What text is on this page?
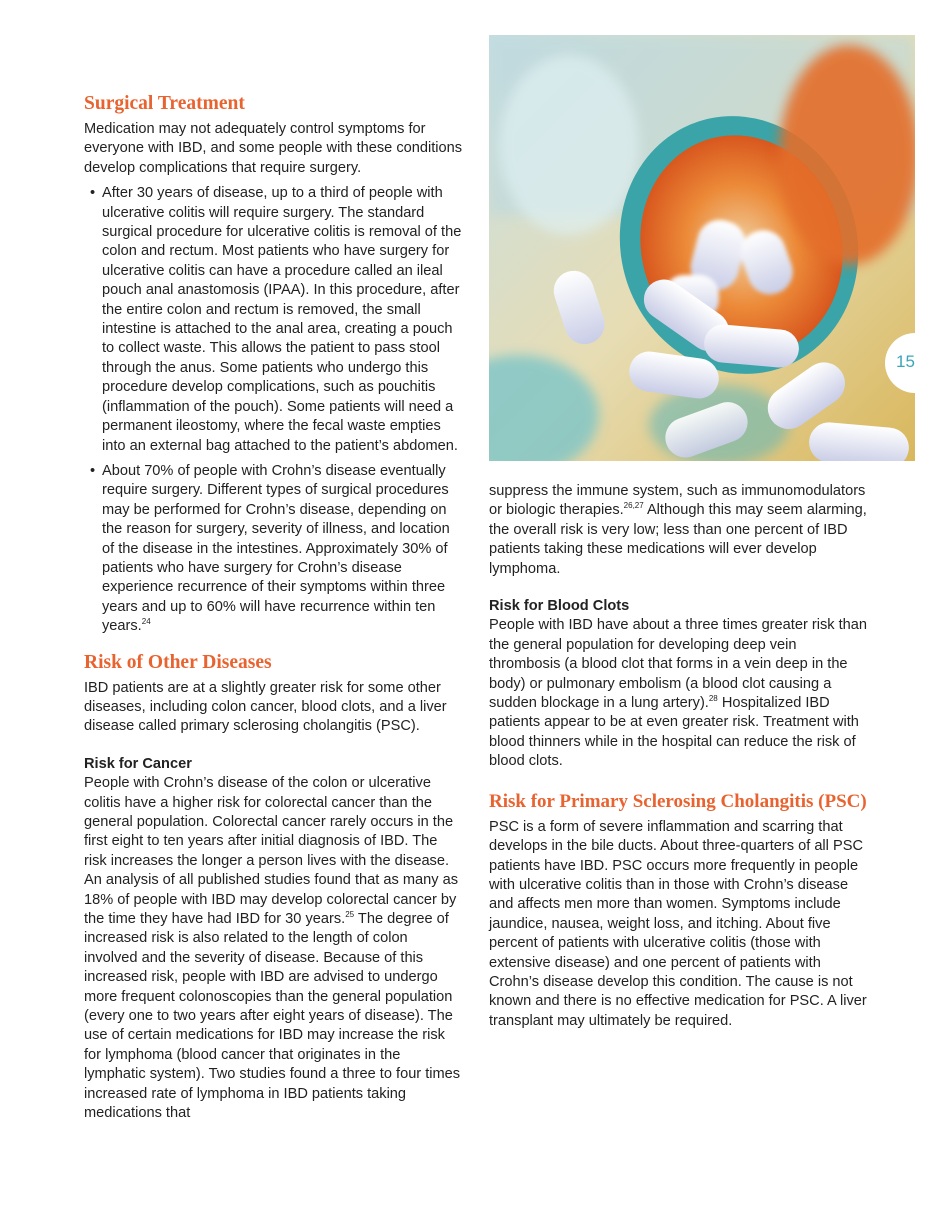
15
Surgical Treatment

Medication may not adequately control symptoms for everyone with IBD, and some people with these conditions develop complications that require surgery.

• After 30 years of disease, up to a third of people with ulcerative colitis will require surgery. The standard surgical procedure for ulcerative colitis is removal of the colon and rectum. Most patients who have surgery for ulcerative colitis can have a procedure called an ileal pouch anal anastomosis (IPAA). In this procedure, after the entire colon and rectum is removed, the small intestine is attached to the anal area, creating a pouch to collect waste. This allows the patient to pass stool through the anus. Some patients who undergo this procedure develop complications, such as pouchitis (inflammation of the pouch). Some patients will need a permanent ileostomy, where the fecal waste empties into an external bag attached to the patient’s abdomen.
• About 70% of people with Crohn’s disease eventually require surgery. Different types of surgical procedures may be performed for Crohn’s disease, depending on the reason for surgery, severity of illness, and location of the disease in the intestines. Approximately 30% of patients who have surgery for Crohn’s disease experience recurrence of their symptoms within three years and up to 60% will have recurrence within ten years.$^{24}$
Risk of Other Diseases

IBD patients are at a slightly greater risk for some other diseases, including colon cancer, blood clots, and a liver disease called primary sclerosing cholangitis (PSC).

Risk for Cancer

People with Crohn’s disease of the colon or ulcerative colitis have a higher risk for colorectal cancer than the general population. Colorectal cancer rarely occurs in the first eight to ten years after initial diagnosis of IBD. The risk increases the longer a person lives with the disease. An analysis of all published studies found that as many as 18% of people with IBD may develop colorectal cancer by the time they have had IBD for 30 years.$^{25}$ The degree of increased risk is also related to the length of colon involved and the severity of disease. Because of this increased risk, people with IBD are advised to undergo more frequent colonoscopies than the general population (every one to two years after eight years of disease). The use of certain medications for IBD may increase the risk for lymphoma (blood cancer that originates in the lymphatic system). Two studies found a three to four times increased rate of lymphoma in IBD patients taking medications that

suppress the immune system, such as immunomodulators or biologic therapies.$^{26,27}$ Although this may seem alarming, the overall risk is very low; less than one percent of IBD patients taking these medications will ever develop lymphoma.

Risk for Blood Clots

People with IBD have about a three times greater risk than the general population for developing deep vein thrombosis (a blood clot that forms in a vein deep in the body) or pulmonary embolism (a blood clot causing a sudden blockage in a lung artery).$^{28}$ Hospitalized IBD patients appear to be at even greater risk. Treatment with blood thinners while in the hospital can reduce the risk of blood clots.

Risk for Primary Sclerosing Cholangitis (PSC)

PSC is a form of severe inflammation and scarring that develops in the bile ducts. About three-quarters of all PSC patients have IBD. PSC occurs more frequently in people with ulcerative colitis than in those with Crohn’s disease and affects men more than women. Symptoms include jaundice, nausea, weight loss, and itching. About five percent of patients with ulcerative colitis (those with extensive disease) and one percent of patients with Crohn’s disease develop this condition. The cause is not known and there is no effective medication for PSC. A liver transplant may ultimately be required.
